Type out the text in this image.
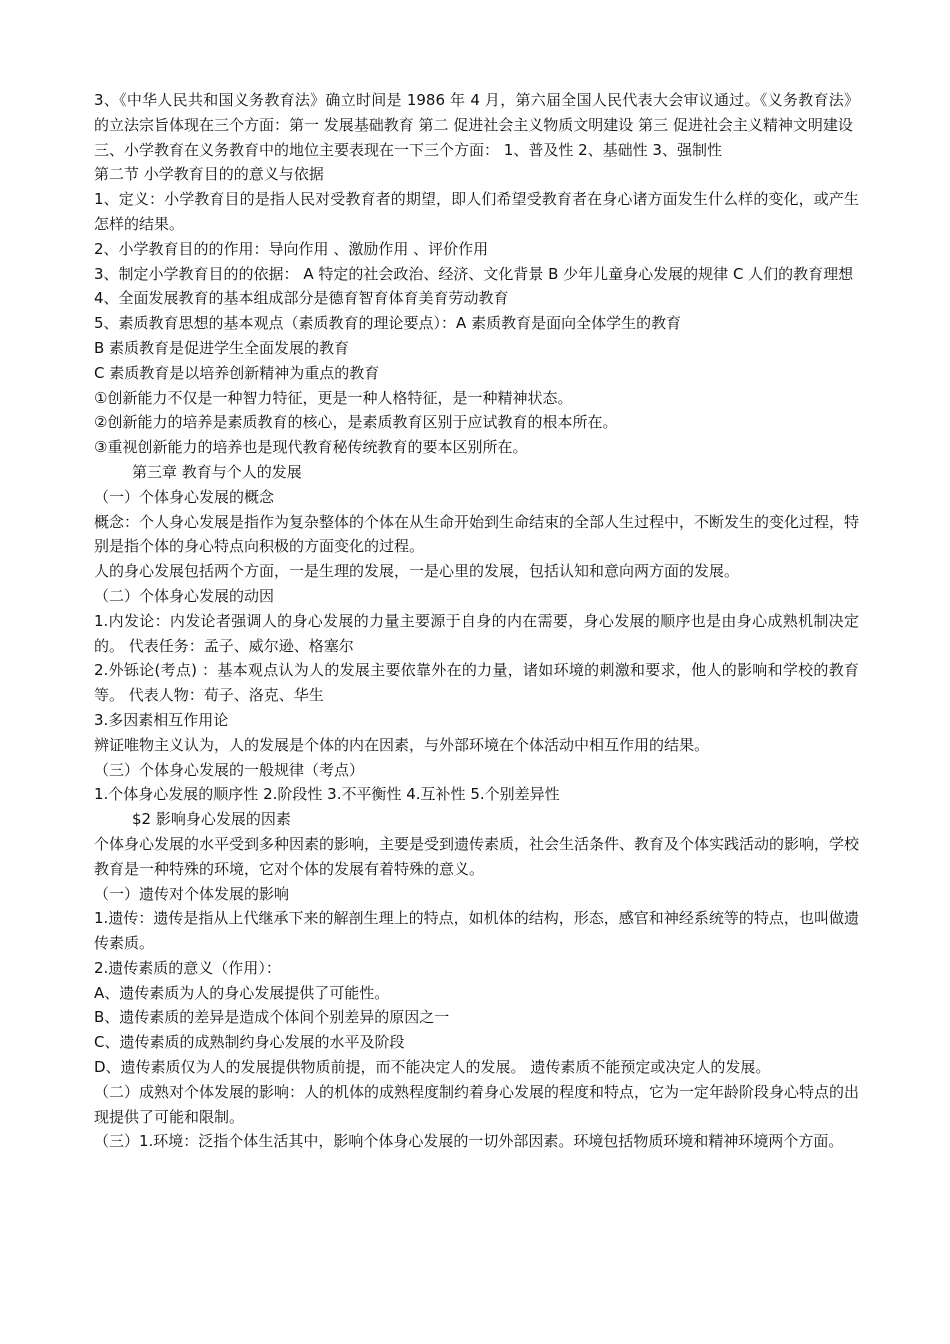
3、《中华人民共和国义务教育法》确立时间是 1986 年 4 月，第六届全国人民代表大会审议通过。《义务教育法》的立法宗旨体现在三个方面：第一 发展基础教育 第二 促进社会主义物质文明建设 第三 促进社会主义精神文明建设

三、小学教育在义务教育中的地位主要表现在一下三个方面： 1、普及性 2、基础性 3、强制性

第二节 小学教育目的的意义与依据

1、定义：小学教育目的是指人民对受教育者的期望，即人们希望受教育者在身心诸方面发生什么样的变化，或产生怎样的结果。

2、小学教育目的的作用：导向作用 、激励作用 、评价作用

3、制定小学教育目的的依据： A 特定的社会政治、经济、文化背景 B 少年儿童身心发展的规律 C 人们的教育理想

4、全面发展教育的基本组成部分是德育智育体育美育劳动教育

5、素质教育思想的基本观点（素质教育的理论要点）：A 素质教育是面向全体学生的教育

B 素质教育是促进学生全面发展的教育

C 素质教育是以培养创新精神为重点的教育

①创新能力不仅是一种智力特征，更是一种人格特征，是一种精神状态。

②创新能力的培养是素质教育的核心，是素质教育区别于应试教育的根本所在。

③重视创新能力的培养也是现代教育秘传统教育的要本区别所在。

第三章 教育与个人的发展

（一）个体身心发展的概念

概念：个人身心发展是指作为复杂整体的个体在从生命开始到生命结束的全部人生过程中，不断发生的变化过程，特别是指个体的身心特点向积极的方面变化的过程。

人的身心发展包括两个方面，一是生理的发展，一是心里的发展，包括认知和意向两方面的发展。

（二）个体身心发展的动因

1.内发论：内发论者强调人的身心发展的力量主要源于自身的内在需要，身心发展的顺序也是由身心成熟机制决定的。 代表任务：孟子、威尔逊、格塞尔

2.外铄论(考点) ：基本观点认为人的发展主要依靠外在的力量，诸如环境的刺激和要求，他人的影响和学校的教育等。 代表人物：荀子、洛克、华生

3.多因素相互作用论

辨证唯物主义认为，人的发展是个体的内在因素，与外部环境在个体活动中相互作用的结果。

（三）个体身心发展的一般规律（考点）

1.个体身心发展的顺序性 2.阶段性 3.不平衡性 4.互补性 5.个别差异性

$2 影响身心发展的因素

个体身心发展的水平受到多种因素的影响，主要是受到遗传素质，社会生活条件、教育及个体实践活动的影响，学校教育是一种特殊的环境，它对个体的发展有着特殊的意义。

（一）遗传对个体发展的影响

1.遗传：遗传是指从上代继承下来的解剖生理上的特点，如机体的结构，形态，感官和神经系统等的特点，也叫做遗传素质。

2.遗传素质的意义（作用）：

A、遗传素质为人的身心发展提供了可能性。

B、遗传素质的差异是造成个体间个别差异的原因之一

C、遗传素质的成熟制约身心发展的水平及阶段

D、遗传素质仅为人的发展提供物质前提，而不能决定人的发展。 遗传素质不能预定或决定人的发展。

（二）成熟对个体发展的影响：人的机体的成熟程度制约着身心发展的程度和特点，它为一定年龄阶段身心特点的出现提供了可能和限制。

（三）1.环境：泛指个体生活其中，影响个体身心发展的一切外部因素。环境包括物质环境和精神环境两个方面。
